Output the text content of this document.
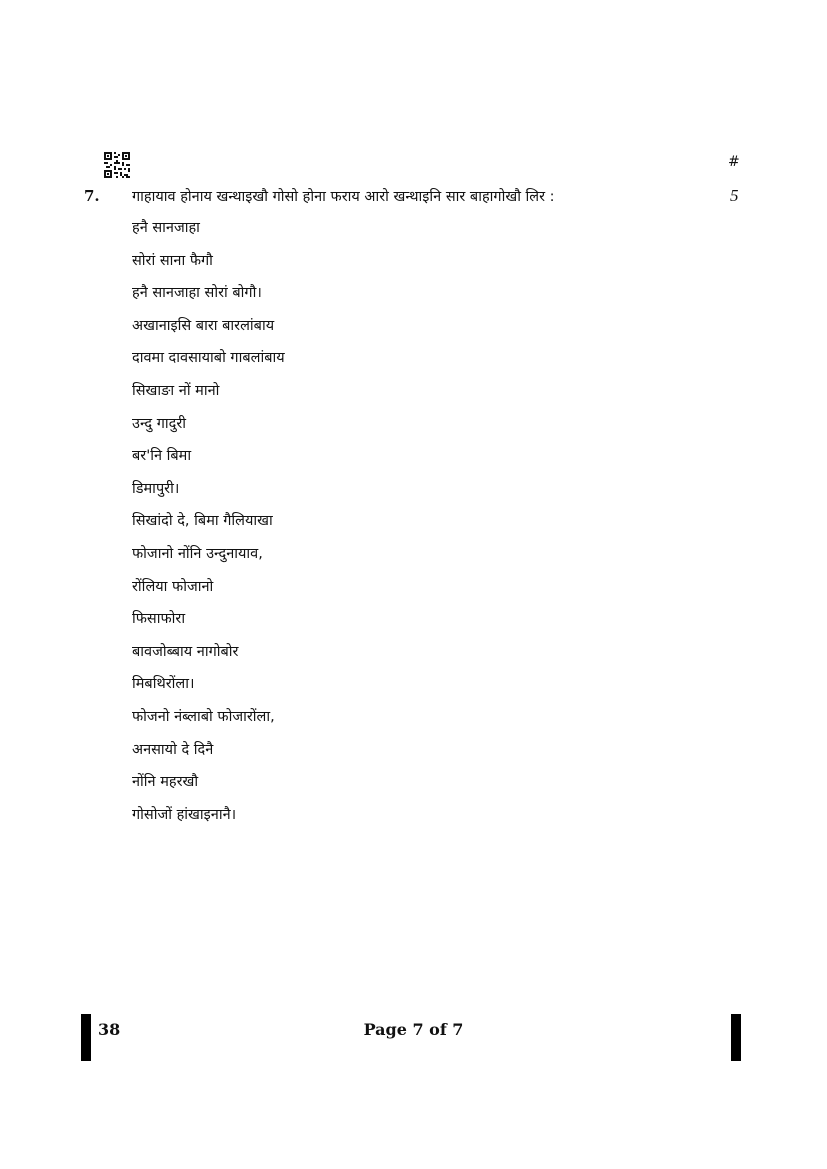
#
7. गाहायाव होनाय खन्थाइखौ गोसो होना फराय आरो खन्थाइनि सार बाहागोखौ लिर :	5
हनै सानजाहा
सोरां साना फैगौ
हनै सानजाहा सोरां बोगौ।
अखानाइसि बारा बारलांबाय
दावमा दावसायाबो गाबलांबाय
सिखाङा नों मानो
उन्दु गादुरी
बर'नि बिमा
डिमापुरी।
सिखांदो दे, बिमा गैलियाखा
फोजानो नोंनि उन्दुनायाव,
रोंलिया फोजानो
फिसाफोरा
बावजोब्बाय नागोबोर
मिबथिरोंला।
फोजनो नंब्लाबो फोजारोंला,
अनसायो दे दिनै
नोंनि महरखौ
गोसोजों हांखाइनानै।
38	Page 7 of 7
